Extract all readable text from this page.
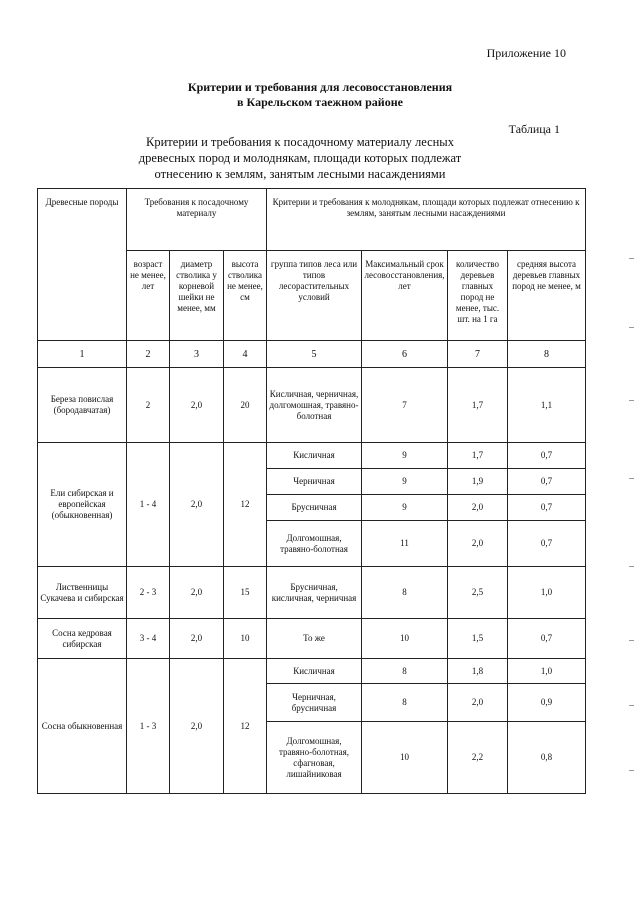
Приложение 10
Критерии и требования для лесовосстановления
в Карельском таежном районе
Таблица 1
Критерии и требования к посадочному материалу лесных
древесных пород и молоднякам, площади которых подлежат
отнесению к землям, занятым лесными насаждениями
Древесные породы	Требования к посадочному материалу			Критерии и требования к молоднякам, площади которых подлежат отнесению к землям, занятым лесными насаждениями			
	возраст не менее, лет	диаметр стволика у корневой шейки не менее, мм	высота стволика не менее, см	группа типов леса или типов лесорастительных условий	Максимальный срок лесовосстановления, лет	количество деревьев главных пород не менее, тыс. шт. на 1 га	средняя высота деревьев главных пород не менее, м
1	2	3	4	5	6	7	8
Береза повислая (бородавчатая)	2	2,0	20	Кисличная, черничная, долгомошная, травяно-болотная	7	1,7	1,1
Ели сибирская и европейская (обыкновенная)	1 - 4	2,0	12	Кисличная	9	1,7	0,7
				Черничная	9	1,9	0,7
				Брусничная	9	2,0	0,7
				Долгомошная, травяно-болотная	11	2,0	0,7
Лиственницы Сукачева и сибирская	2 - 3	2,0	15	Брусничная, кисличная, черничная	8	2,5	1,0
Сосна кедровая сибирская	3 - 4	2,0	10	То же	10	1,5	0,7
Сосна обыкновенная	1 - 3	2,0	12	Кисличная	8	1,8	1,0
				Черничная, брусничная	8	2,0	0,9
				Долгомошная, травяно-болотная, сфагновая, лишайниковая	10	2,2	0,8
